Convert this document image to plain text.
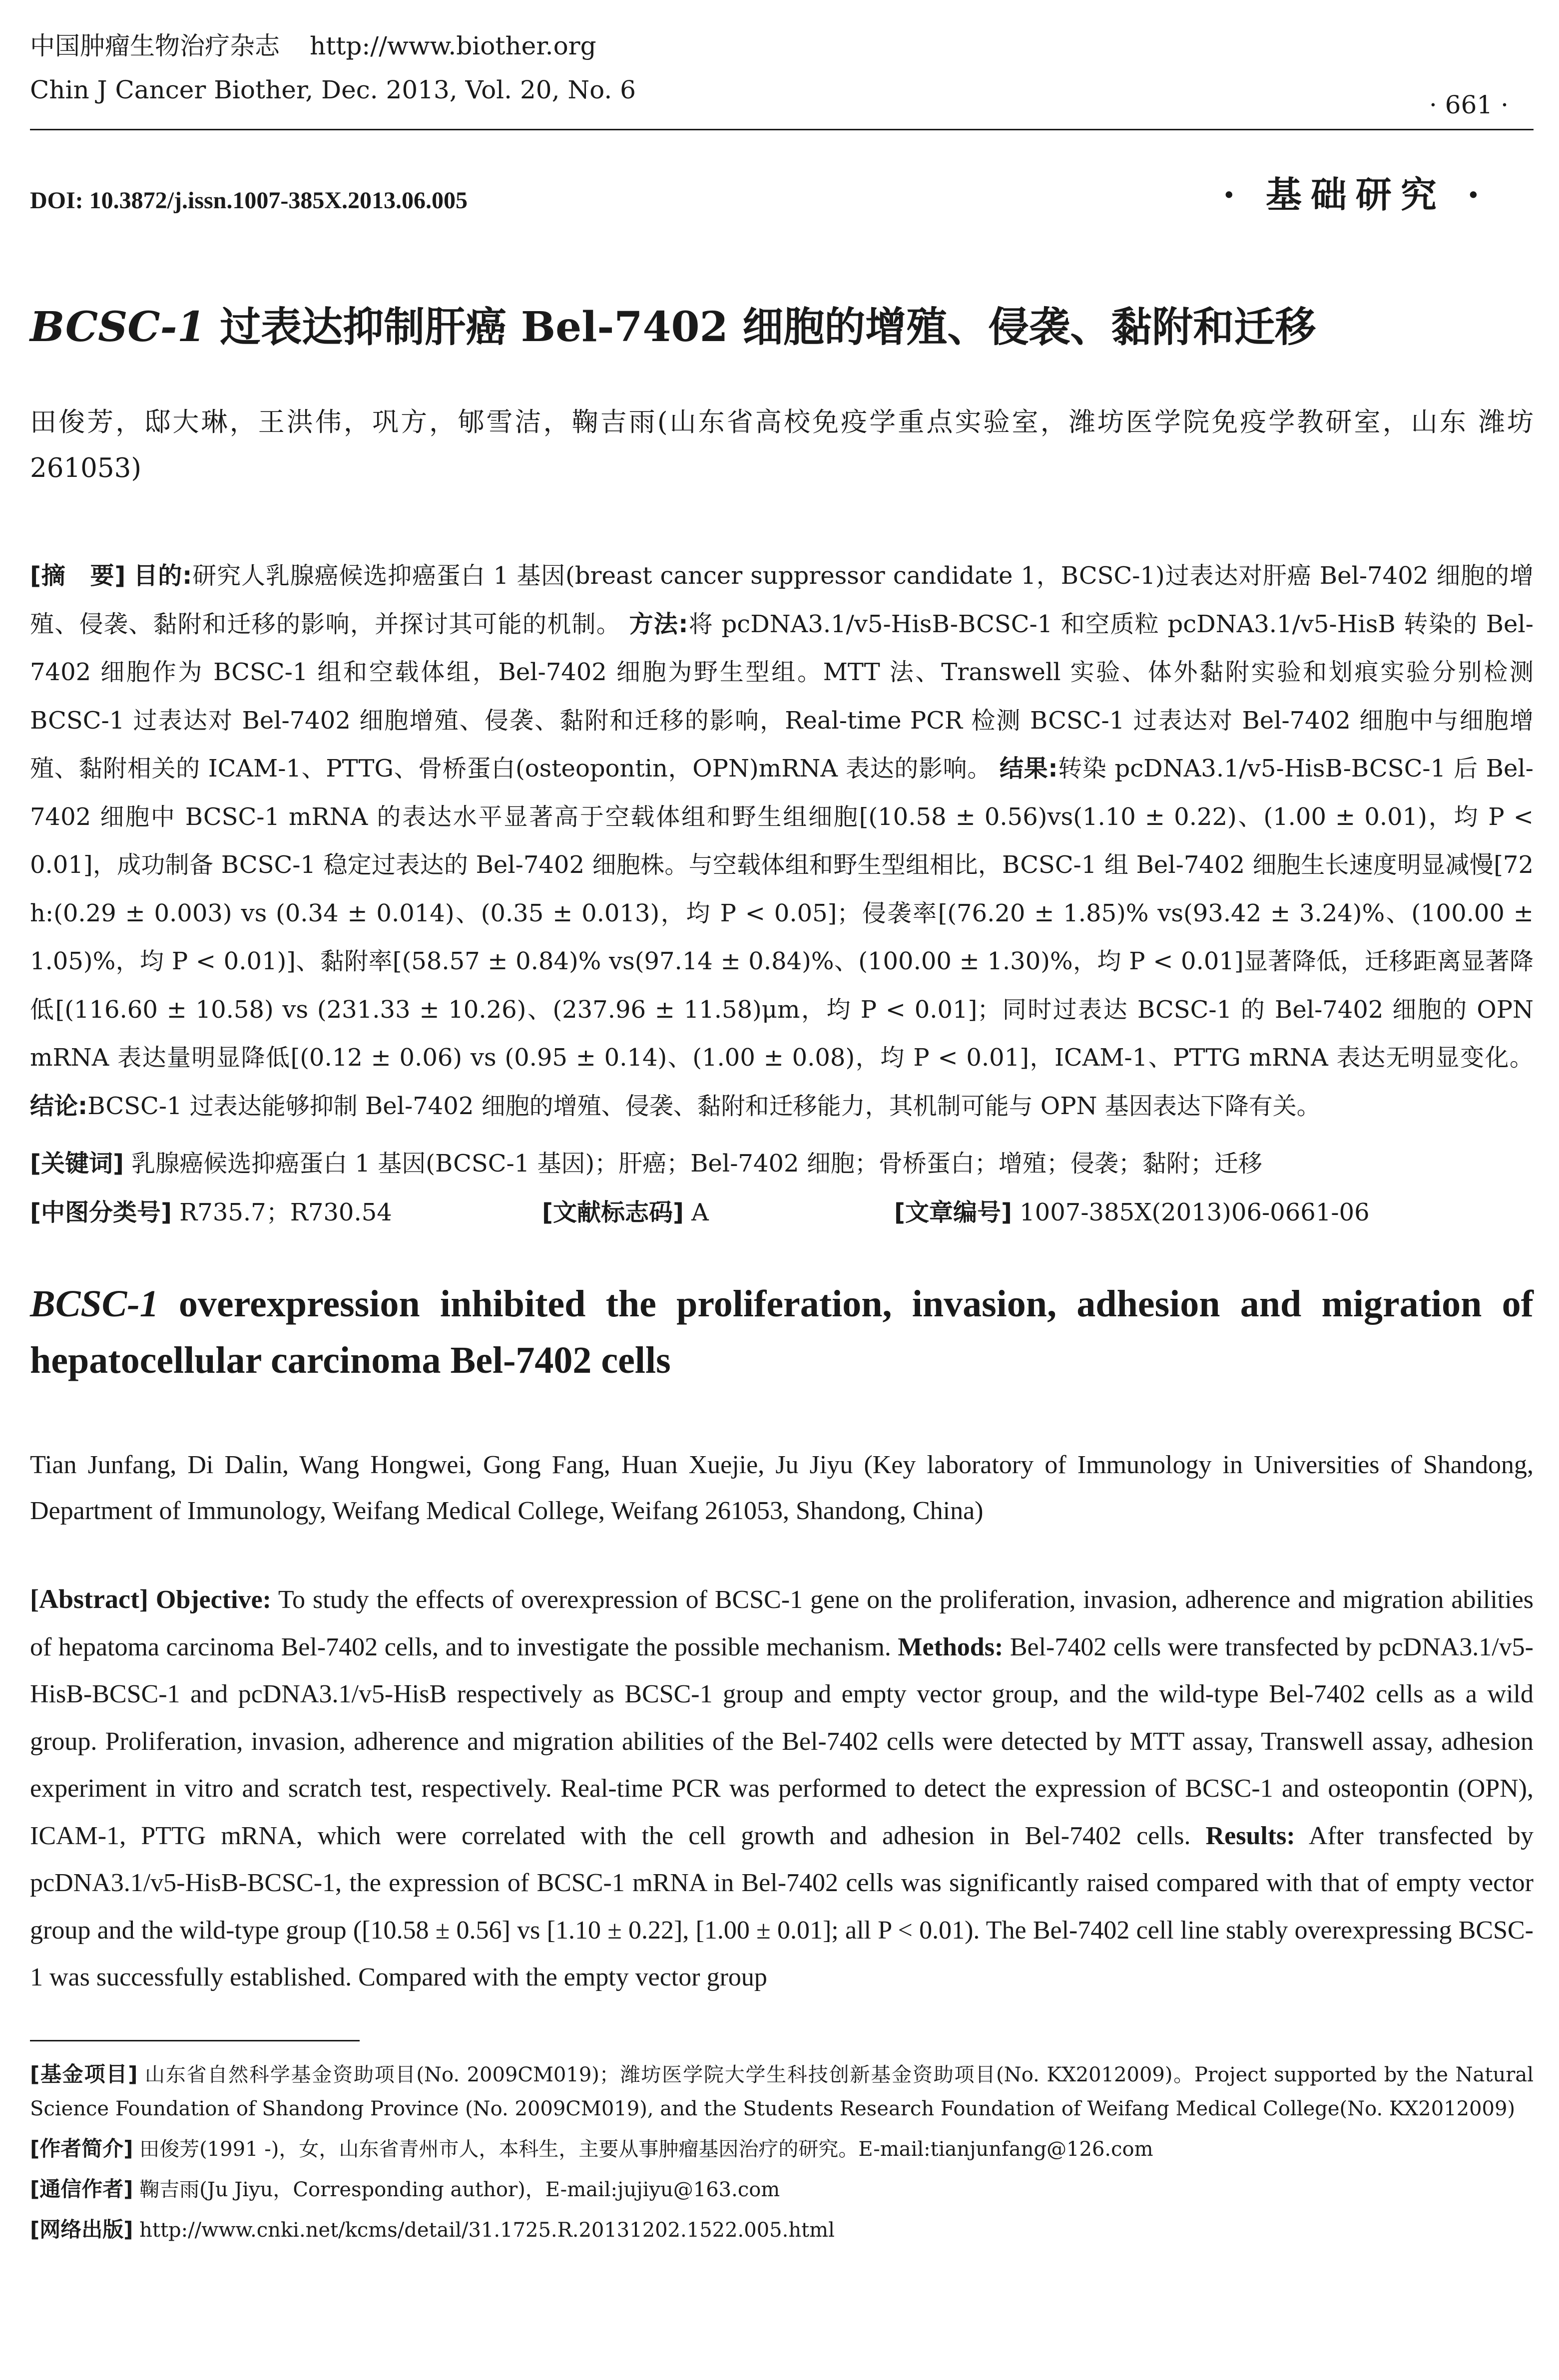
中国肿瘤生物治疗杂志 http://www.biother.org
Chin J Cancer Biother, Dec. 2013, Vol. 20, No. 6
· 661 ·
DOI: 10.3872/j.issn.1007-385X.2013.06.005	· 基础研究 ·
BCSC-1 过表达抑制肝癌 Bel-7402 细胞的增殖、侵袭、黏附和迁移
田俊芳，邸大琳，王洪伟，巩方，郇雪洁，鞠吉雨(山东省高校免疫学重点实验室，潍坊医学院免疫学教研室，山东 潍坊 261053)
[摘　要] 目的:研究人乳腺癌候选抑癌蛋白 1 基因(breast cancer suppressor candidate 1，BCSC-1)过表达对肝癌 Bel-7402 细胞的增殖、侵袭、黏附和迁移的影响，并探讨其可能的机制。 方法:将 pcDNA3.1/v5-HisB-BCSC-1 和空质粒 pcDNA3.1/v5-HisB 转染的 Bel-7402 细胞作为 BCSC-1 组和空载体组，Bel-7402 细胞为野生型组。MTT 法、Transwell 实验、体外黏附实验和划痕实验分别检测 BCSC-1 过表达对 Bel-7402 细胞增殖、侵袭、黏附和迁移的影响，Real-time PCR 检测 BCSC-1 过表达对 Bel-7402 细胞中与细胞增殖、黏附相关的 ICAM-1、PTTG、骨桥蛋白(osteopontin，OPN)mRNA 表达的影响。 结果:转染 pcDNA3.1/v5-HisB-BCSC-1 后 Bel-7402 细胞中 BCSC-1 mRNA 的表达水平显著高于空载体组和野生组细胞[(10.58 ± 0.56)vs(1.10 ± 0.22)、(1.00 ± 0.01)，均 P < 0.01]，成功制备 BCSC-1 稳定过表达的 Bel-7402 细胞株。与空载体组和野生型组相比，BCSC-1 组 Bel-7402 细胞生长速度明显减慢[72 h:(0.29 ± 0.003) vs (0.34 ± 0.014)、(0.35 ± 0.013)，均 P < 0.05]；侵袭率[(76.20 ± 1.85)% vs(93.42 ± 3.24)%、(100.00 ± 1.05)%，均 P < 0.01)]、黏附率[(58.57 ± 0.84)% vs(97.14 ± 0.84)%、(100.00 ± 1.30)%，均 P < 0.01]显著降低，迁移距离显著降低[(116.60 ± 10.58) vs (231.33 ± 10.26)、(237.96 ± 11.58)μm，均 P < 0.01]；同时过表达 BCSC-1 的 Bel-7402 细胞的 OPN mRNA 表达量明显降低[(0.12 ± 0.06) vs (0.95 ± 0.14)、(1.00 ± 0.08)，均 P < 0.01]，ICAM-1、PTTG mRNA 表达无明显变化。 结论:BCSC-1 过表达能够抑制 Bel-7402 细胞的增殖、侵袭、黏附和迁移能力，其机制可能与 OPN 基因表达下降有关。
[关键词] 乳腺癌候选抑癌蛋白 1 基因(BCSC-1 基因)；肝癌；Bel-7402 细胞；骨桥蛋白；增殖；侵袭；黏附；迁移
[中图分类号] R735.7；R730.54	[文献标志码] A	[文章编号] 1007-385X(2013)06-0661-06
BCSC-1 overexpression inhibited the proliferation, invasion, adhesion and migration of hepatocellular carcinoma Bel-7402 cells
Tian Junfang, Di Dalin, Wang Hongwei, Gong Fang, Huan Xuejie, Ju Jiyu (Key laboratory of Immunology in Universities of Shandong, Department of Immunology, Weifang Medical College, Weifang 261053, Shandong, China)
[Abstract] Objective: To study the effects of overexpression of BCSC-1 gene on the proliferation, invasion, adherence and migration abilities of hepatoma carcinoma Bel-7402 cells, and to investigate the possible mechanism. Methods: Bel-7402 cells were transfected by pcDNA3.1/v5-HisB-BCSC-1 and pcDNA3.1/v5-HisB respectively as BCSC-1 group and empty vector group, and the wild-type Bel-7402 cells as a wild group. Proliferation, invasion, adherence and migration abilities of the Bel-7402 cells were detected by MTT assay, Transwell assay, adhesion experiment in vitro and scratch test, respectively. Real-time PCR was performed to detect the expression of BCSC-1 and osteopontin (OPN), ICAM-1, PTTG mRNA, which were correlated with the cell growth and adhesion in Bel-7402 cells. Results: After transfected by pcDNA3.1/v5-HisB-BCSC-1, the expression of BCSC-1 mRNA in Bel-7402 cells was significantly raised compared with that of empty vector group and the wild-type group ([10.58 ± 0.56] vs [1.10 ± 0.22], [1.00 ± 0.01]; all P < 0.01). The Bel-7402 cell line stably overexpressing BCSC-1 was successfully established. Compared with the empty vector group

[基金项目] 山东省自然科学基金资助项目(No. 2009CM019)；潍坊医学院大学生科技创新基金资助项目(No. KX2012009)。Project supported by the Natural Science Foundation of Shandong Province (No. 2009CM019), and the Students Research Foundation of Weifang Medical College(No. KX2012009)

[作者简介] 田俊芳(1991 -)，女，山东省青州市人，本科生，主要从事肿瘤基因治疗的研究。E-mail:tianjunfang@126.com

[通信作者] 鞠吉雨(Ju Jiyu，Corresponding author)，E-mail:jujiyu@163.com

[网络出版] http://www.cnki.net/kcms/detail/31.1725.R.20131202.1522.005.html
